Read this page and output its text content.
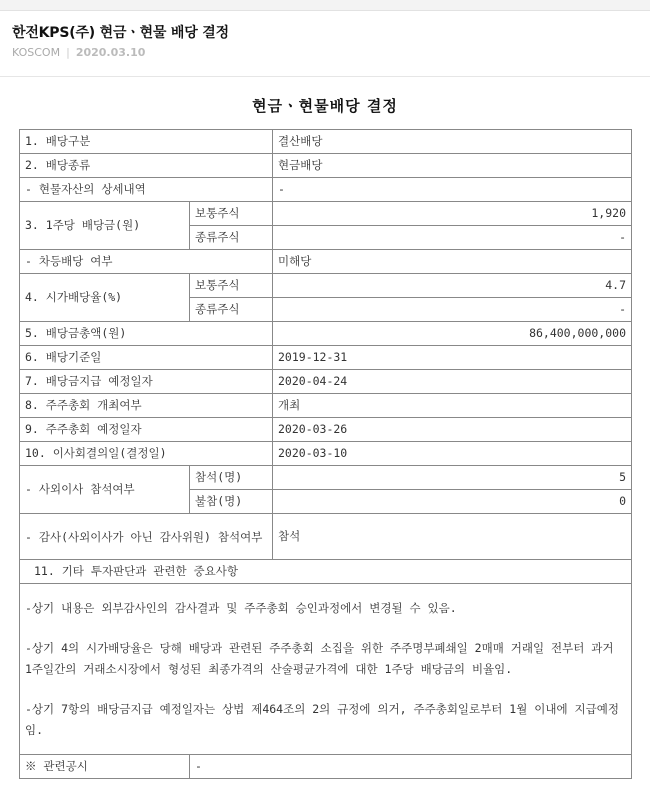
한전KPS(주) 현금ㆍ현물 배당 결정
KOSCOM | 2020.03.10
현금ㆍ현물배당 결정
1. 배당구분		결산배당
2. 배당종류		현금배당
- 현물자산의 상세내역		-
3. 1주당 배당금(원)	보통주식	1,920
	종류주식	-
- 차등배당 여부		미해당
4. 시가배당율(%)	보통주식	4.7
	종류주식	-
5. 배당금총액(원)		86,400,000,000
6. 배당기준일		2019-12-31
7. 배당금지급 예정일자		2020-04-24
8. 주주총회 개최여부		개최
9. 주주총회 예정일자		2020-03-26
10. 이사회결의일(결정일)		2020-03-10
- 사외이사 참석여부	참석(명)	5
	불참(명)	0
- 감사(사외이사가 아닌 감사위원) 참석여부		참석
11. 기타 투자판단과 관련한 중요사항		

-상기 내용은 외부감사인의 감사결과 및 주주총회 승인과정에서 변경될 수 있음.

-상기 4의 시가배당율은 당해 배당과 관련된 주주총회 소집을 위한 주주명부폐쇄일 2매매 거래일 전부터 과거 1주일간의 거래소시장에서 형성된 최종가격의 산술평균가격에 대한 1주당 배당금의 비율임.

-상기 7항의 배당금지급 예정일자는 상법 제464조의 2의 규정에 의거, 주주총회일로부터 1월 이내에 지급예정임.		

※ 관련공시	-	
